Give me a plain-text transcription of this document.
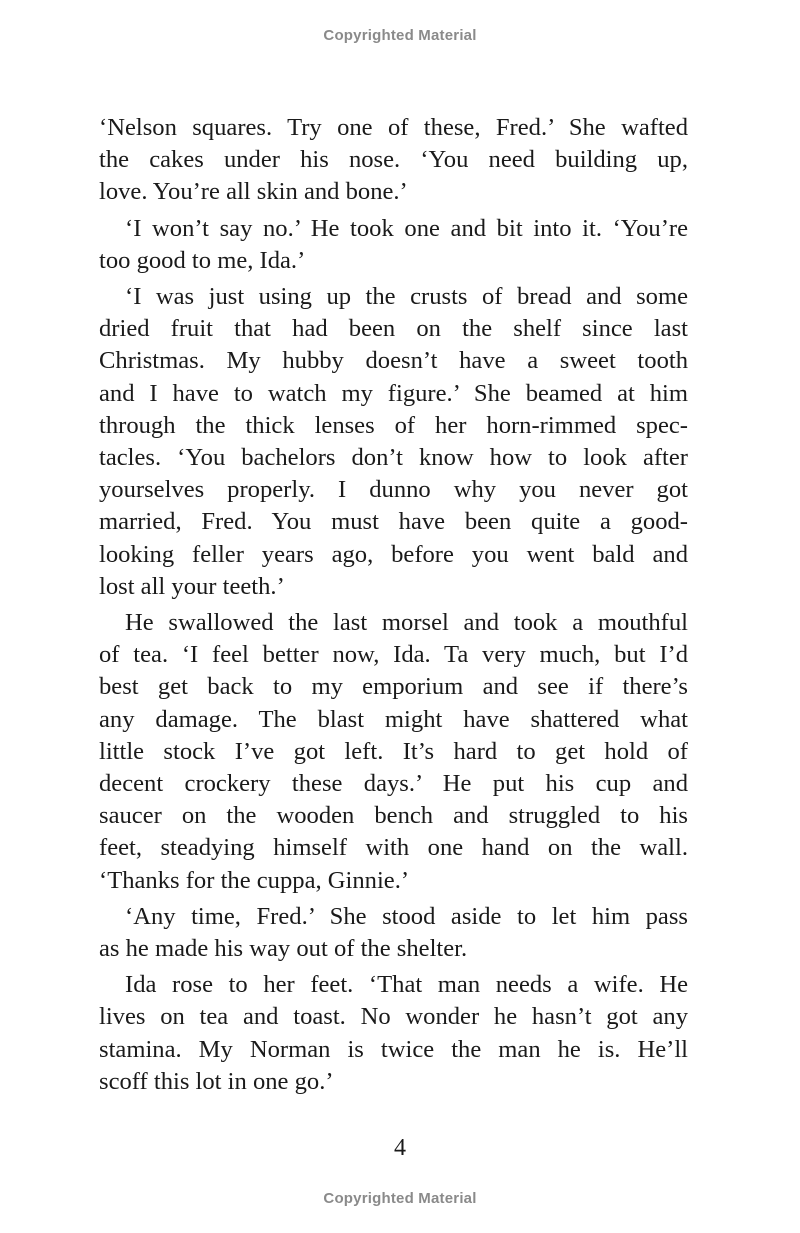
Copyrighted Material
‘Nelson squares. Try one of these, Fred.’ She wafted
the cakes under his nose. ‘You need building up,
love. You’re all skin and bone.’
‘I won’t say no.’ He took one and bit into it. ‘You’re
too good to me, Ida.’
‘I was just using up the crusts of bread and some
dried fruit that had been on the shelf since last
Christmas. My hubby doesn’t have a sweet tooth
and I have to watch my figure.’ She beamed at him
through the thick lenses of her horn-rimmed spec-
tacles. ‘You bachelors don’t know how to look after
yourselves properly. I dunno why you never got
married, Fred. You must have been quite a good-
looking feller years ago, before you went bald and
lost all your teeth.’
He swallowed the last morsel and took a mouthful
of tea. ‘I feel better now, Ida. Ta very much, but I’d
best get back to my emporium and see if there’s
any damage. The blast might have shattered what
little stock I’ve got left. It’s hard to get hold of
decent crockery these days.’ He put his cup and
saucer on the wooden bench and struggled to his
feet, steadying himself with one hand on the wall.
‘Thanks for the cuppa, Ginnie.’
‘Any time, Fred.’ She stood aside to let him pass
as he made his way out of the shelter.
Ida rose to her feet. ‘That man needs a wife. He
lives on tea and toast. No wonder he hasn’t got any
stamina. My Norman is twice the man he is. He’ll
scoff this lot in one go.’
4
Copyrighted Material
